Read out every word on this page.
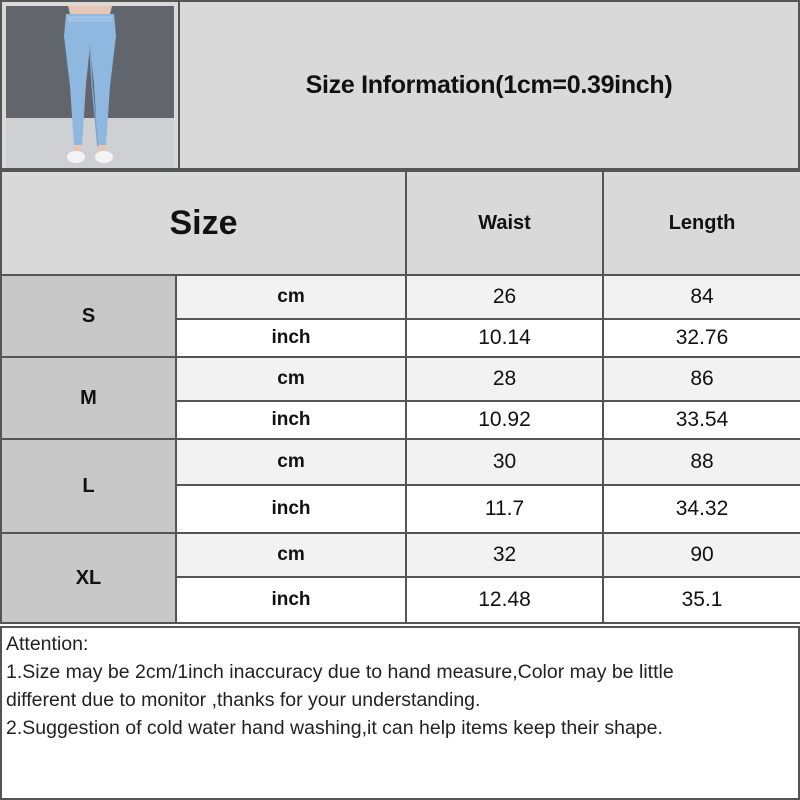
Size Information(1cm=0.39inch)
Size		Waist	Length
S	cm	26	84
	inch	10.14	32.76
M	cm	28	86
	inch	10.92	33.54
L	cm	30	88
	inch	11.7	34.32
XL	cm	32	90
	inch	12.48	35.1
Attention:
1.Size may be 2cm/1inch inaccuracy due to hand measure,Color may be little
different due to monitor ,thanks for your understanding.
2.Suggestion of cold water hand washing,it can help items keep their shape.
